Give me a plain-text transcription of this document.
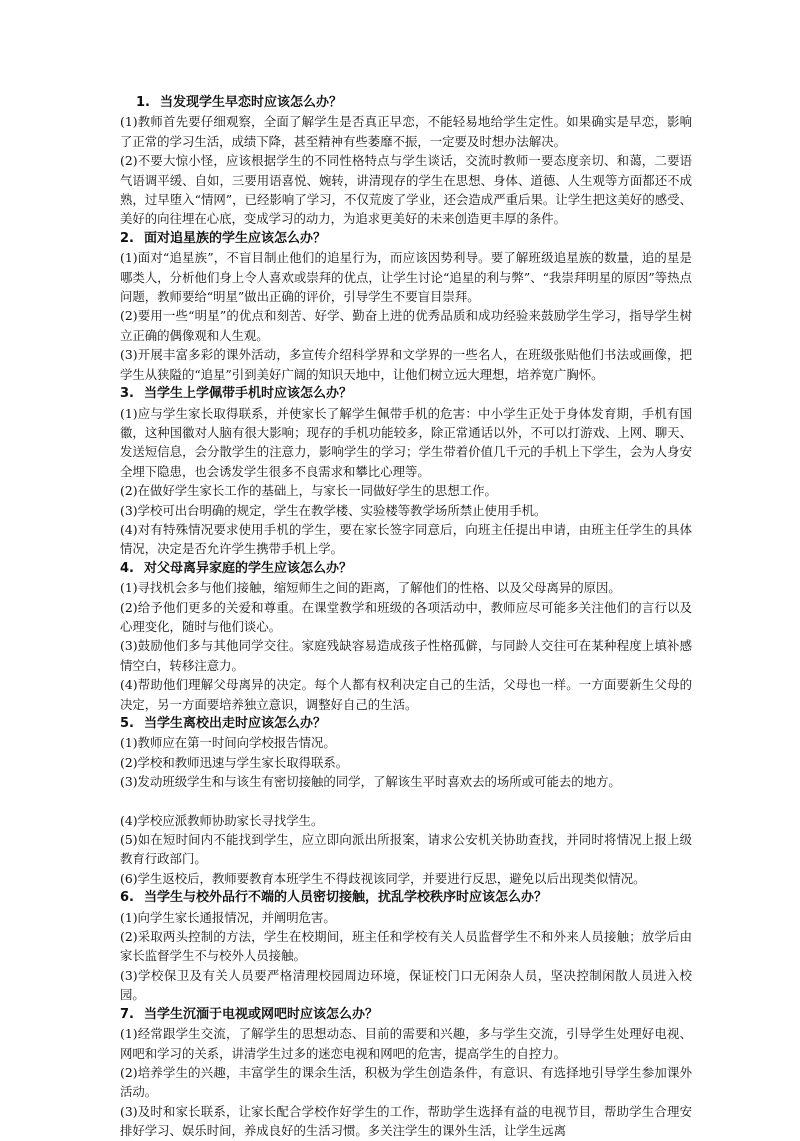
1. 当发现学生早恋时应该怎么办？

(1)教师首先要仔细观察，全面了解学生是否真正早恋，不能轻易地给学生定性。如果确实是早恋，影响了正常的学习生活，成绩下降，甚至精神有些萎靡不振，一定要及时想办法解决。

(2)不要大惊小怪，应该根据学生的不同性格特点与学生谈话，交流时教师一要态度亲切、和蔼，二要语气语调平缓、自如，三要用语喜悦、婉转，讲清现存的学生在思想、身体、道德、人生观等方面都还不成熟，过早堕入“情网”，已经影响了学习，不仅荒废了学业，还会造成严重后果。让学生把这美好的感受、美好的向往埋在心底，变成学习的动力，为追求更美好的未来创造更丰厚的条件。

2. 面对追星族的学生应该怎么办？

(1)面对“追星族”，不盲目制止他们的追星行为，而应该因势利导。要了解班级追星族的数量，追的星是哪类人，分析他们身上令人喜欢或崇拜的优点，让学生讨论“追星的利与弊”、“我崇拜明星的原因”等热点问题，教师要给“明星”做出正确的评价，引导学生不要盲目崇拜。

(2)要用一些“明星”的优点和刻苦、好学、勤奋上进的优秀品质和成功经验来鼓励学生学习，指导学生树立正确的偶像观和人生观。

(3)开展丰富多彩的课外活动，多宣传介绍科学界和文学界的一些名人，在班级张贴他们书法或画像，把学生从狭隘的“追星”引到美好广阔的知识天地中，让他们树立远大理想，培养宽广胸怀。

3. 当学生上学佩带手机时应该怎么办？

(1)应与学生家长取得联系，并使家长了解学生佩带手机的危害：中小学生正处于身体发育期，手机有国徽，这种国徽对人脑有很大影响；现存的手机功能较多，除正常通话以外，不可以打游戏、上网、聊天、发送短信息，会分散学生的注意力，影响学生的学习；学生带着价值几千元的手机上下学生，会为人身安全埋下隐患，也会诱发学生很多不良需求和攀比心理等。

(2)在做好学生家长工作的基础上，与家长一同做好学生的思想工作。

(3)学校可出台明确的规定，学生在教学楼、实验楼等教学场所禁止使用手机。

(4)对有特殊情况要求使用手机的学生，要在家长签字同意后，向班主任提出申请，由班主任学生的具体情况，决定是否允许学生携带手机上学。

4. 对父母离异家庭的学生应该怎么办？

(1)寻找机会多与他们接触，缩短师生之间的距离，了解他们的性格、以及父母离异的原因。

(2)给予他们更多的关爱和尊重。在课堂教学和班级的各项活动中，教师应尽可能多关注他们的言行以及心理变化，随时与他们谈心。

(3)鼓励他们多与其他同学交往。家庭残缺容易造成孩子性格孤僻，与同龄人交往可在某种程度上填补感情空白，转移注意力。

(4)帮助他们理解父母离异的决定。每个人都有权利决定自己的生活，父母也一样。一方面要新生父母的决定，另一方面要培养独立意识，调整好自己的生活。

5. 当学生离校出走时应该怎么办？

(1)教师应在第一时间向学校报告情况。

(2)学校和教师迅速与学生家长取得联系。

(3)发动班级学生和与该生有密切接触的同学，了解该生平时喜欢去的场所或可能去的地方。

(4)学校应派教师协助家长寻找学生。

(5)如在短时间内不能找到学生，应立即向派出所报案，请求公安机关协助查找，并同时将情况上报上级教育行政部门。

(6)学生返校后，教师要教育本班学生不得歧视该同学，并要进行反思，避免以后出现类似情况。

6. 当学生与校外品行不端的人员密切接触，扰乱学校秩序时应该怎么办？

(1)向学生家长通报情况，并阐明危害。

(2)采取两头控制的方法，学生在校期间，班主任和学校有关人员监督学生不和外来人员接触；放学后由家长监督学生不与校外人员接触。

(3)学校保卫及有关人员要严格清理校园周边环境，保证校门口无闲杂人员，坚决控制闲散人员进入校园。

7. 当学生沉湎于电视或网吧时应该怎么办？

(1)经常跟学生交流，了解学生的思想动态、目前的需要和兴趣，多与学生交流，引导学生处理好电视、网吧和学习的关系，讲清学生过多的迷恋电视和网吧的危害，提高学生的自控力。

(2)培养学生的兴趣，丰富学生的课余生活，积极为学生创造条件，有意识、有选择地引导学生参加课外活动。

(3)及时和家长联系，让家长配合学校作好学生的工作，帮助学生选择有益的电视节目，帮助学生合理安排好学习、娱乐时间，养成良好的生活习惯。多关注学生的课外生活，让学生远离
